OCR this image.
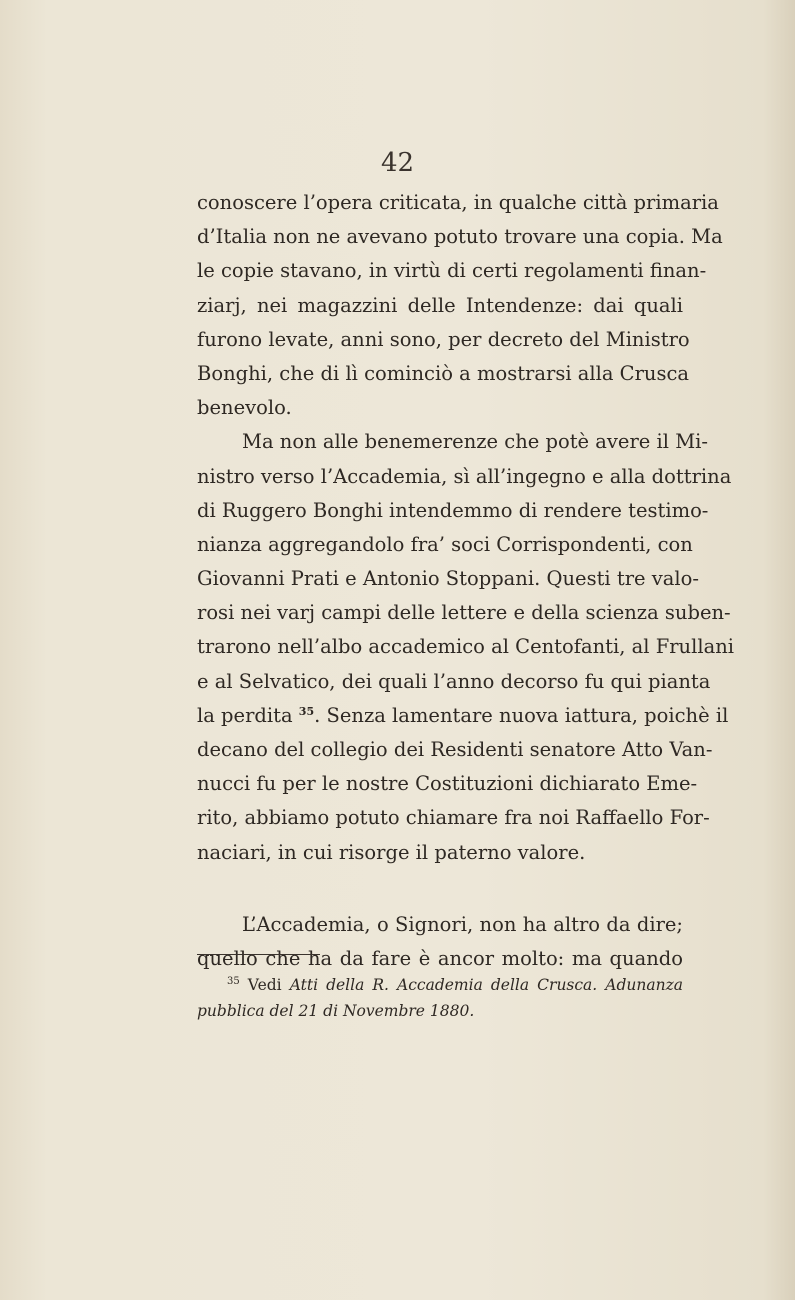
42
conoscere l’opera criticata, in qualche città primaria
d’Italia non ne avevano potuto trovare una copia. Ma
le copie stavano, in virtù di certi regolamenti finan-
ziarj, nei magazzini delle Intendenze: dai quali
furono levate, anni sono, per decreto del Ministro
Bonghi, che di lì cominciò a mostrarsi alla Crusca
benevolo.
Ma non alle benemerenze che potè avere il Mi-
nistro verso l’Accademia, sì all’ingegno e alla dottrina
di Ruggero Bonghi intendemmo di rendere testimo-
nianza aggregandolo fra’ soci Corrispondenti, con
Giovanni Prati e Antonio Stoppani. Questi tre valo-
rosi nei varj campi delle lettere e della scienza suben-
trarono nell’albo accademico al Centofanti, al Frullani
e al Selvatico, dei quali l’anno decorso fu qui pianta
la perdita $^{35}$. Senza lamentare nuova iattura, poichè il
decano del collegio dei Residenti senatore Atto Van-
nucci fu per le nostre Costituzioni dichiarato Eme-
rito, abbiamo potuto chiamare fra noi Raffaello For-
naciari, in cui risorge il paterno valore.
L’Accademia, o Signori, non ha altro da dire;
quello che ha da fare è ancor molto: ma quando
$^{35}$ Vedi Atti della R. Accademia della Crusca. Adunanza
pubblica del 21 di Novembre 1880.
